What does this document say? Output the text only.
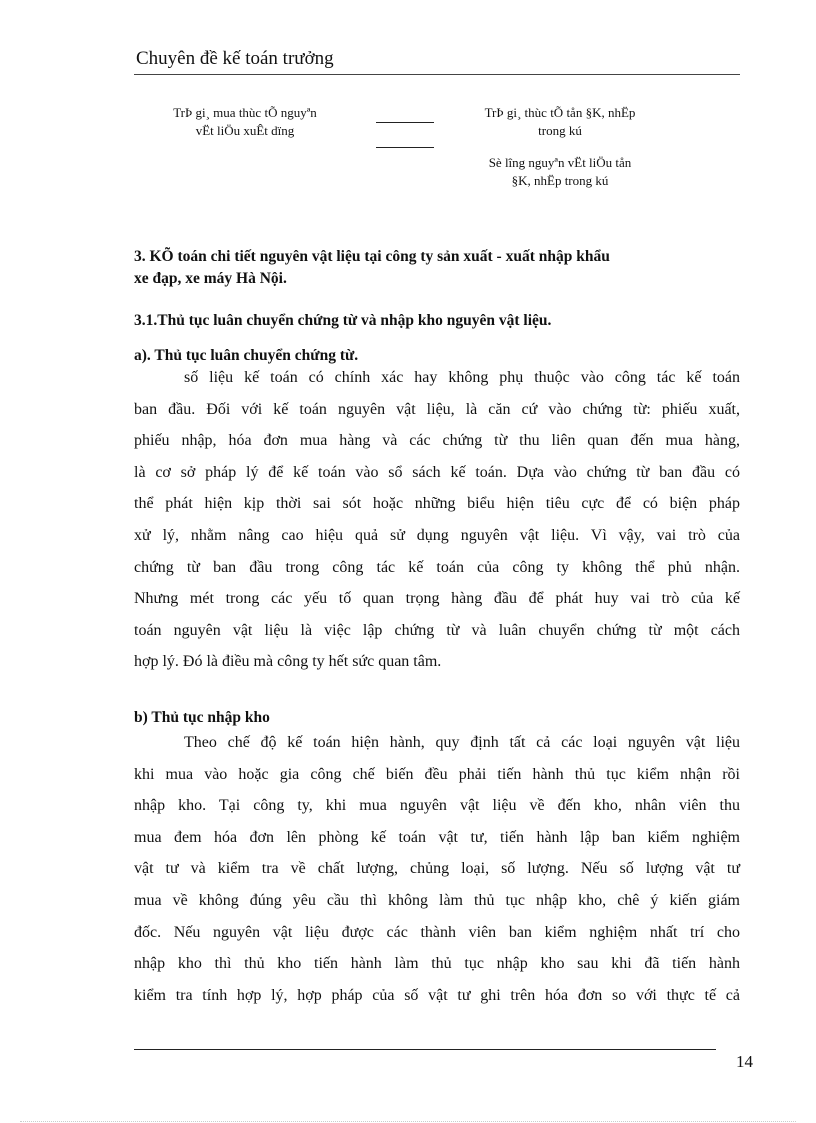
Chuyên đề kế toán trưởng
TrÞ gi¸ mua thùc tÕ nguyªn
vËt liÖu xuÊt dïng
TrÞ gi¸ thùc tÕ tån §K, nhËp
trong kú
Sè lîng nguyªn vËt liÖu tån
§K, nhËp trong kú
3. KÕ toán chi tiết nguyên vật liệu tại công ty sản xuất - xuất nhập khẩu
xe đạp, xe máy Hà Nội.
3.1.Thủ tục luân chuyển chứng từ và nhập kho nguyên vật liệu.
a). Thủ tục luân chuyển chứng từ.
số liệu kế toán có chính xác hay không phụ thuộc vào công tác kế toán
ban đầu. Đối với kế toán nguyên vật liệu, là căn cứ vào chứng từ: phiếu xuất,
phiếu nhập, hóa đơn mua hàng và các chứng từ thu liên quan đến mua hàng,
là cơ sở pháp lý để kế toán vào sổ sách kế toán. Dựa vào chứng từ ban đầu có
thể phát hiện kịp thời sai sót hoặc những biểu hiện tiêu cực để có biện pháp
xử lý, nhằm nâng cao hiệu quả sử dụng nguyên vật liệu. Vì vậy, vai trò của
chứng từ ban đầu trong công tác kế toán của công ty không thể phủ nhận.
Nhưng mét trong các yếu tố quan trọng hàng đầu để phát huy vai trò của kế
toán nguyên vật liệu là việc lập chứng từ và luân chuyển chứng từ một cách
hợp lý. Đó là điều mà công ty hết sức quan tâm.
b) Thủ tục nhập kho
Theo chế độ kế toán hiện hành, quy định tất cả các loại nguyên vật liệu
khi mua vào hoặc gia công chế biến đều phải tiến hành thủ tục kiểm nhận rồi
nhập kho. Tại công ty, khi mua nguyên vật liệu về đến kho, nhân viên thu
mua đem hóa đơn lên phòng kế toán vật tư, tiến hành lập ban kiểm nghiệm
vật tư và kiểm tra về chất lượng, chủng loại, số lượng. Nếu số lượng vật tư
mua về không đúng yêu cầu thì không làm thủ tục nhập kho, chê ý kiến giám
đốc. Nếu nguyên vật liệu được các thành viên ban kiểm nghiệm nhất trí cho
nhập kho thì thủ kho tiến hành làm thủ tục nhập kho sau khi đã tiến hành
kiểm tra tính hợp lý, hợp pháp của số vật tư ghi trên hóa đơn so với thực tế cả
14
